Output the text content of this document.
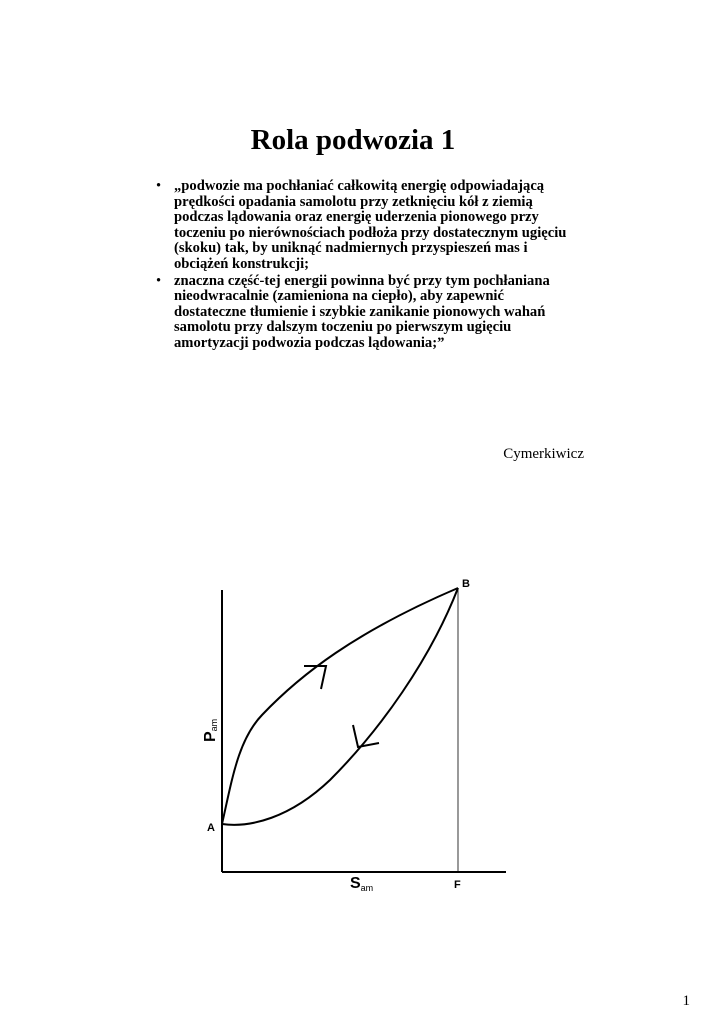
Rola podwozia 1
• „podwozie ma pochłaniać całkowitą energię odpowiadającą prędkości opadania samolotu przy zetknięciu kół z ziemią podczas lądowania oraz energię uderzenia pionowego przy toczeniu po nierównościach podłoża przy dostatecznym ugięciu (skoku) tak, by uniknąć nadmiernych przyspieszeń mas i obciążeń konstrukcji;
• znaczna część-tej energii powinna być przy tym pochłaniana nieodwracalnie (zamieniona na ciepło), aby zapewnić dostateczne tłumienie i szybkie zanikanie pionowych wahań samolotu przy dalszym toczeniu po pierwszym ugięciu amortyzacji podwozia podczas lądowania;”
Cymerkiwicz
B
A
F
Pam
Sam
1
